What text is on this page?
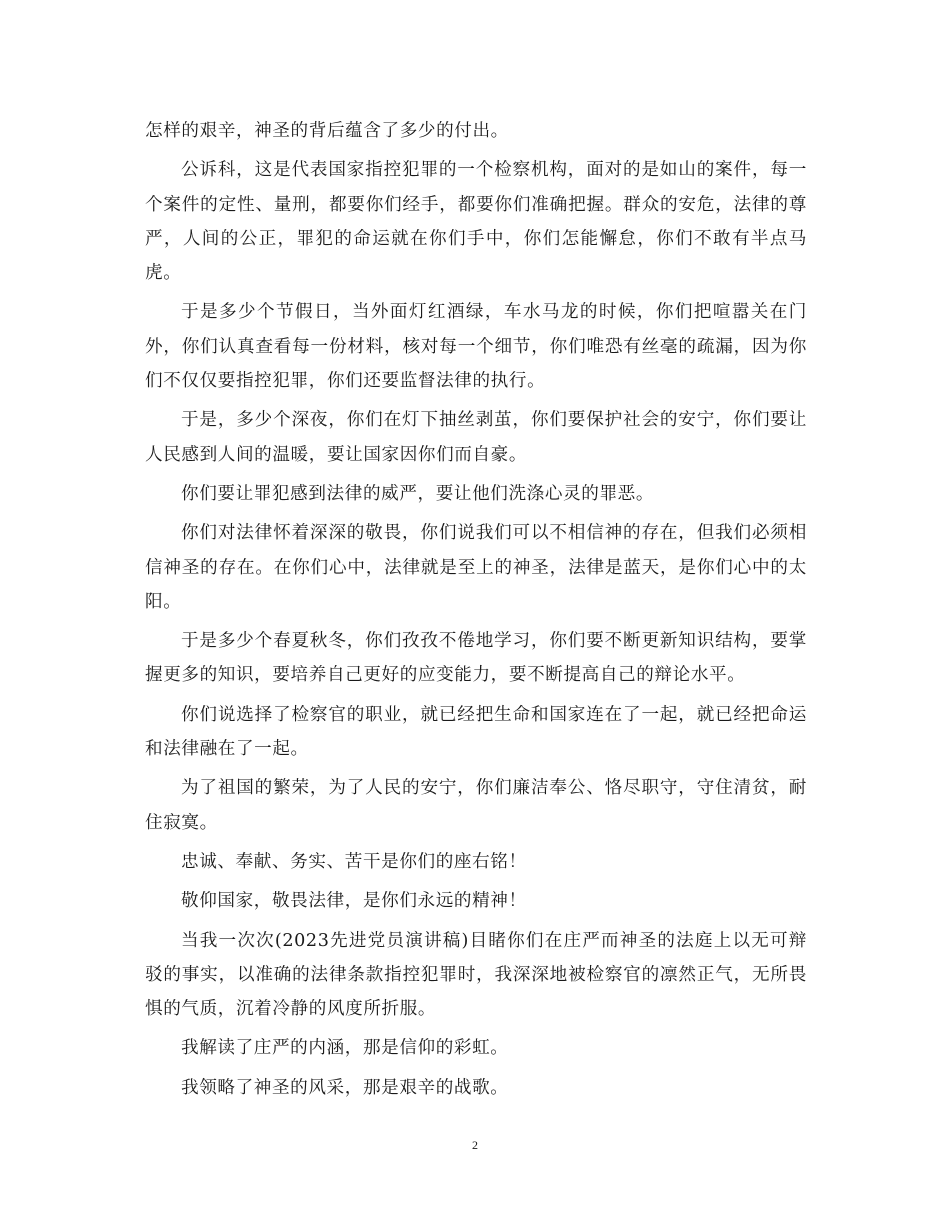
怎样的艰辛，神圣的背后蕴含了多少的付出。

公诉科，这是代表国家指控犯罪的一个检察机构，面对的是如山的案件，每一个案件的定性、量刑，都要你们经手，都要你们准确把握。群众的安危，法律的尊严，人间的公正，罪犯的命运就在你们手中，你们怎能懈怠，你们不敢有半点马虎。

于是多少个节假日，当外面灯红酒绿，车水马龙的时候，你们把喧嚣关在门外，你们认真查看每一份材料，核对每一个细节，你们唯恐有丝毫的疏漏，因为你们不仅仅要指控犯罪，你们还要监督法律的执行。

于是，多少个深夜，你们在灯下抽丝剥茧，你们要保护社会的安宁，你们要让人民感到人间的温暖，要让国家因你们而自豪。

你们要让罪犯感到法律的威严，要让他们洗涤心灵的罪恶。

你们对法律怀着深深的敬畏，你们说我们可以不相信神的存在，但我们必须相信神圣的存在。在你们心中，法律就是至上的神圣，法律是蓝天，是你们心中的太阳。

于是多少个春夏秋冬，你们孜孜不倦地学习，你们要不断更新知识结构，要掌握更多的知识，要培养自己更好的应变能力，要不断提高自己的辩论水平。

你们说选择了检察官的职业，就已经把生命和国家连在了一起，就已经把命运和法律融在了一起。

为了祖国的繁荣，为了人民的安宁，你们廉洁奉公、恪尽职守，守住清贫，耐住寂寞。

忠诚、奉献、务实、苦干是你们的座右铭！

敬仰国家，敬畏法律，是你们永远的精神！

当我一次次(2023先进党员演讲稿)目睹你们在庄严而神圣的法庭上以无可辩驳的事实，以准确的法律条款指控犯罪时，我深深地被检察官的凛然正气，无所畏惧的气质，沉着冷静的风度所折服。

我解读了庄严的内涵，那是信仰的彩虹。

我领略了神圣的风采，那是艰辛的战歌。

2
